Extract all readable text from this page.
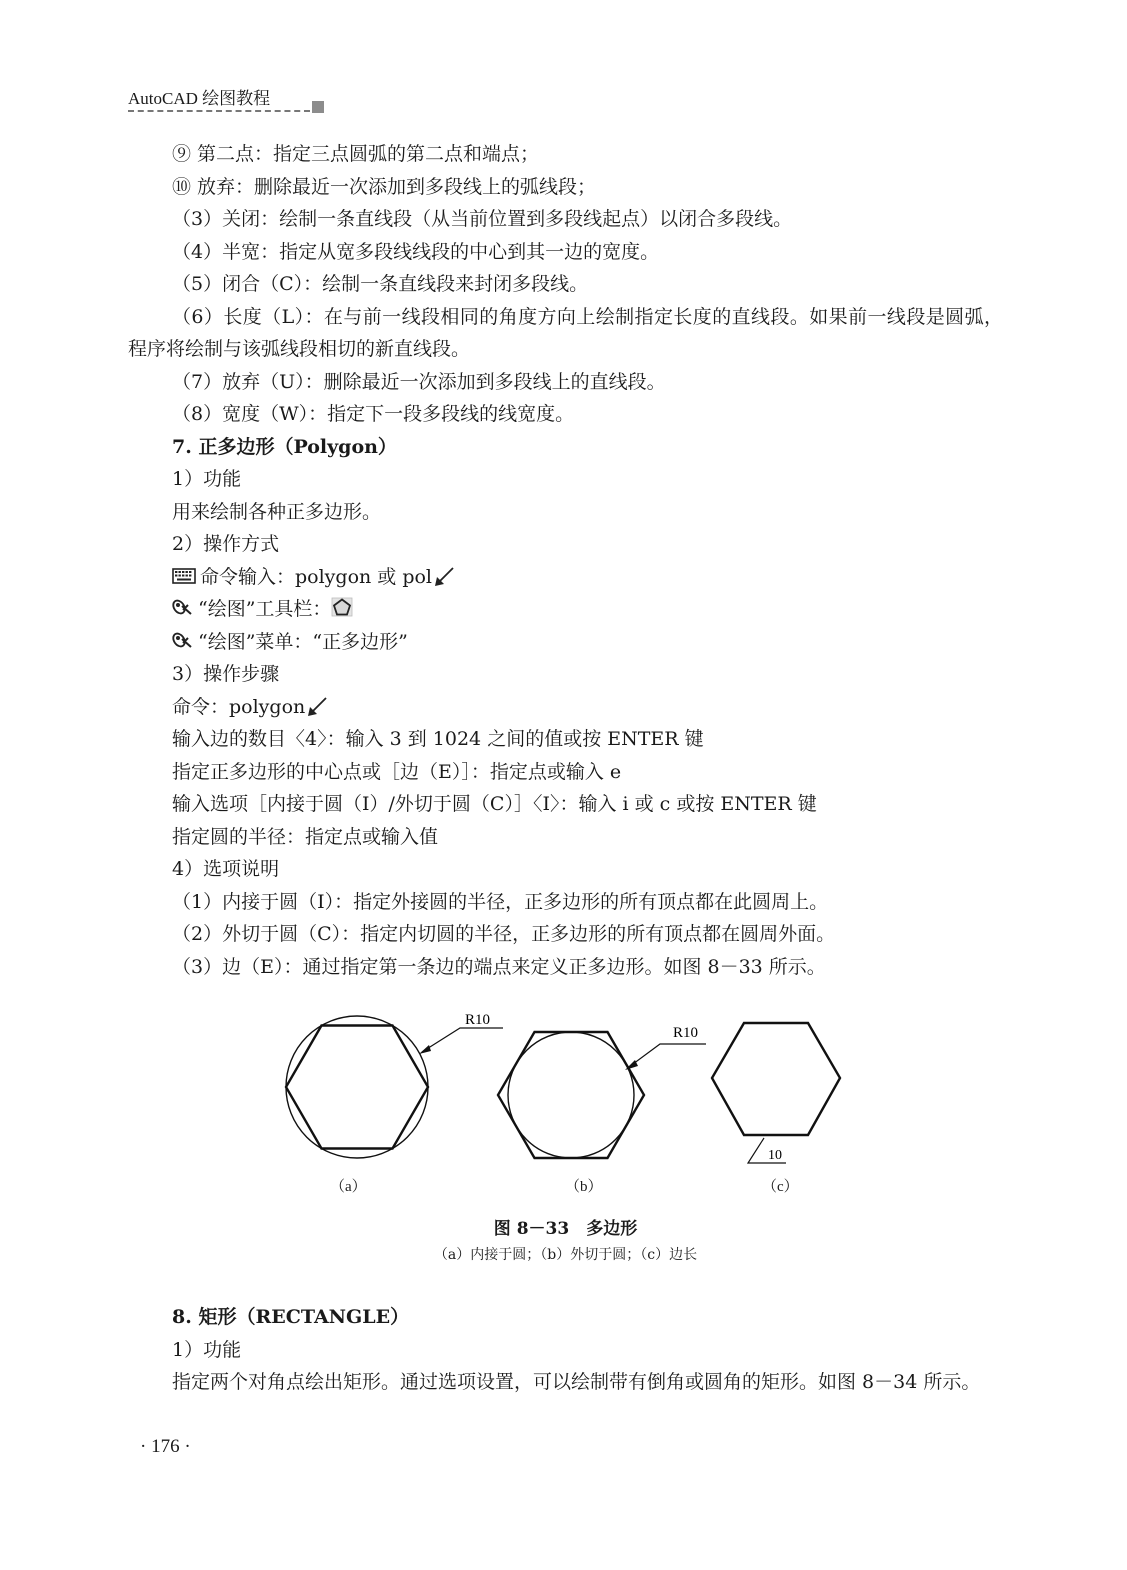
AutoCAD 绘图教程
⑨ 第二点：指定三点圆弧的第二点和端点；
⑩ 放弃：删除最近一次添加到多段线上的弧线段；
（3）关闭：绘制一条直线段（从当前位置到多段线起点）以闭合多段线。
（4）半宽：指定从宽多段线线段的中心到其一边的宽度。
（5）闭合（C）：绘制一条直线段来封闭多段线。
（6）长度（L）：在与前一线段相同的角度方向上绘制指定长度的直线段。如果前一线段是圆弧，程序将绘制与该弧线段相切的新直线段。
（7）放弃（U）：删除最近一次添加到多段线上的直线段。
（8）宽度（W）：指定下一段多段线的线宽度。
7. 正多边形（Polygon）
1）功能
用来绘制各种正多边形。
2）操作方式
命令输入：polygon 或 pol
“绘图”工具栏：
“绘图”菜单：“正多边形”
3）操作步骤
命令：polygon
输入边的数目〈4〉：输入 3 到 1024 之间的值或按 ENTER 键
指定正多边形的中心点或［边（E）］：指定点或输入 e
输入选项［内接于圆（I）/外切于圆（C）］〈I〉：输入 i 或 c 或按 ENTER 键
指定圆的半径：指定点或输入值
4）选项说明
（1）内接于圆（I）：指定外接圆的半径，正多边形的所有顶点都在此圆周上。
（2）外切于圆（C）：指定内切圆的半径，正多边形的所有顶点都在圆周外面。
（3）边（E）：通过指定第一条边的端点来定义正多边形。如图 8－33 所示。
R10
R10
10
（a）	（b）	（c）
图 8－33　多边形
（a）内接于圆；（b）外切于圆；（c）边长
8. 矩形（RECTANGLE）
1）功能
指定两个对角点绘出矩形。通过选项设置，可以绘制带有倒角或圆角的矩形。如图 8－34 所示。
· 176 ·
